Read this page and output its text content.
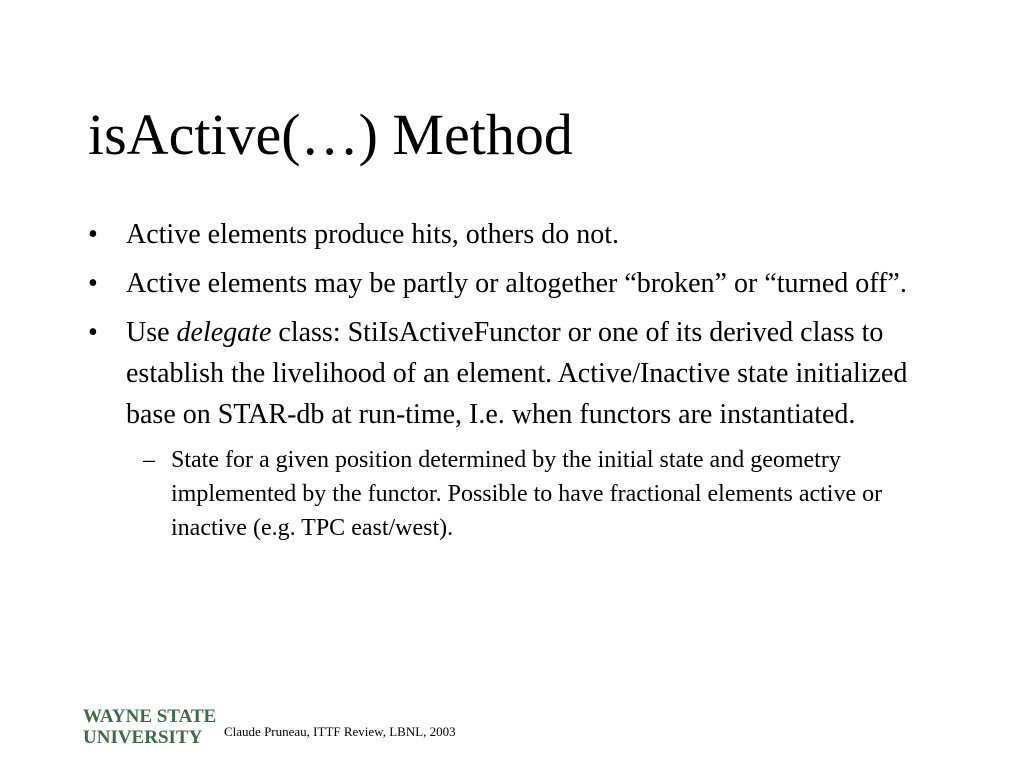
isActive(…) Method
•	Active elements produce hits, others do not.
•	Active elements may be partly or altogether “broken” or “turned off”.
•	Use delegate class: StiIsActiveFunctor or one of its derived class to establish the livelihood of an element. Active/Inactive state initialized base on STAR-db at run-time, I.e. when functors are instantiated.
– State for a given position determined by the initial state and geometry implemented by the functor. Possible to have fractional elements active or inactive (e.g. TPC east/west).
WAYNE STATE
UNIVERSITY Claude Pruneau, ITTF Review, LBNL, 2003
